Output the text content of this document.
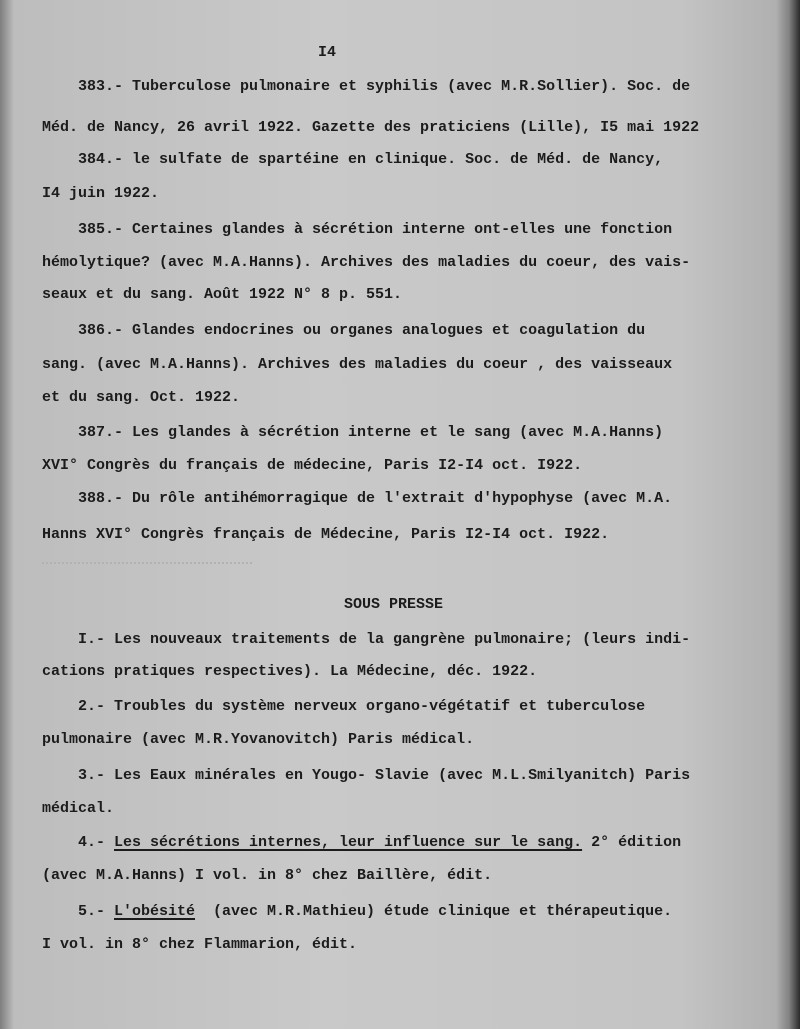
I4
383.- Tuberculose pulmonaire et syphilis (avec M.R.Sollier). Soc. de
Méd. de Nancy, 26 avril 1922. Gazette des praticiens (Lille), I5 mai 1922
384.- le sulfate de spartéine en clinique. Soc. de Méd. de Nancy,
I4 juin 1922.
385.- Certaines glandes à sécrétion interne ont-elles une fonction
hémolytique? (avec M.A.Hanns). Archives des maladies du coeur, des vais-
seaux et du sang. Août 1922 N° 8 p. 551.
386.- Glandes endocrines ou organes analogues et coagulation du
sang. (avec M.A.Hanns). Archives des maladies du coeur , des vaisseaux
et du sang. Oct. 1922.
387.- Les glandes à sécrétion interne et le sang (avec M.A.Hanns)
XVI° Congrès du français de médecine, Paris I2-I4 oct. I922.
388.- Du rôle antihémorragique de l'extrait d'hypophyse (avec M.A.
Hanns XVI° Congrès français de Médecine, Paris I2-I4 oct. I922.
SOUS PRESSE
I.- Les nouveaux traitements de la gangrène pulmonaire; (leurs indi-
cations pratiques respectives). La Médecine, déc. 1922.
2.- Troubles du système nerveux organo-végétatif et tuberculose
pulmonaire (avec M.R.Yovanovitch) Paris médical.
3.- Les Eaux minérales en Yougo- Slavie (avec M.L.Smilyanitch) Paris
médical.
4.- Les sécrétions internes, leur influence sur le sang. 2° édition
(avec M.A.Hanns) I vol. in 8° chez Baillère, édit.
5.- L'obésité  (avec M.R.Mathieu) étude clinique et thérapeutique.
I vol. in 8° chez Flammarion, édit.
